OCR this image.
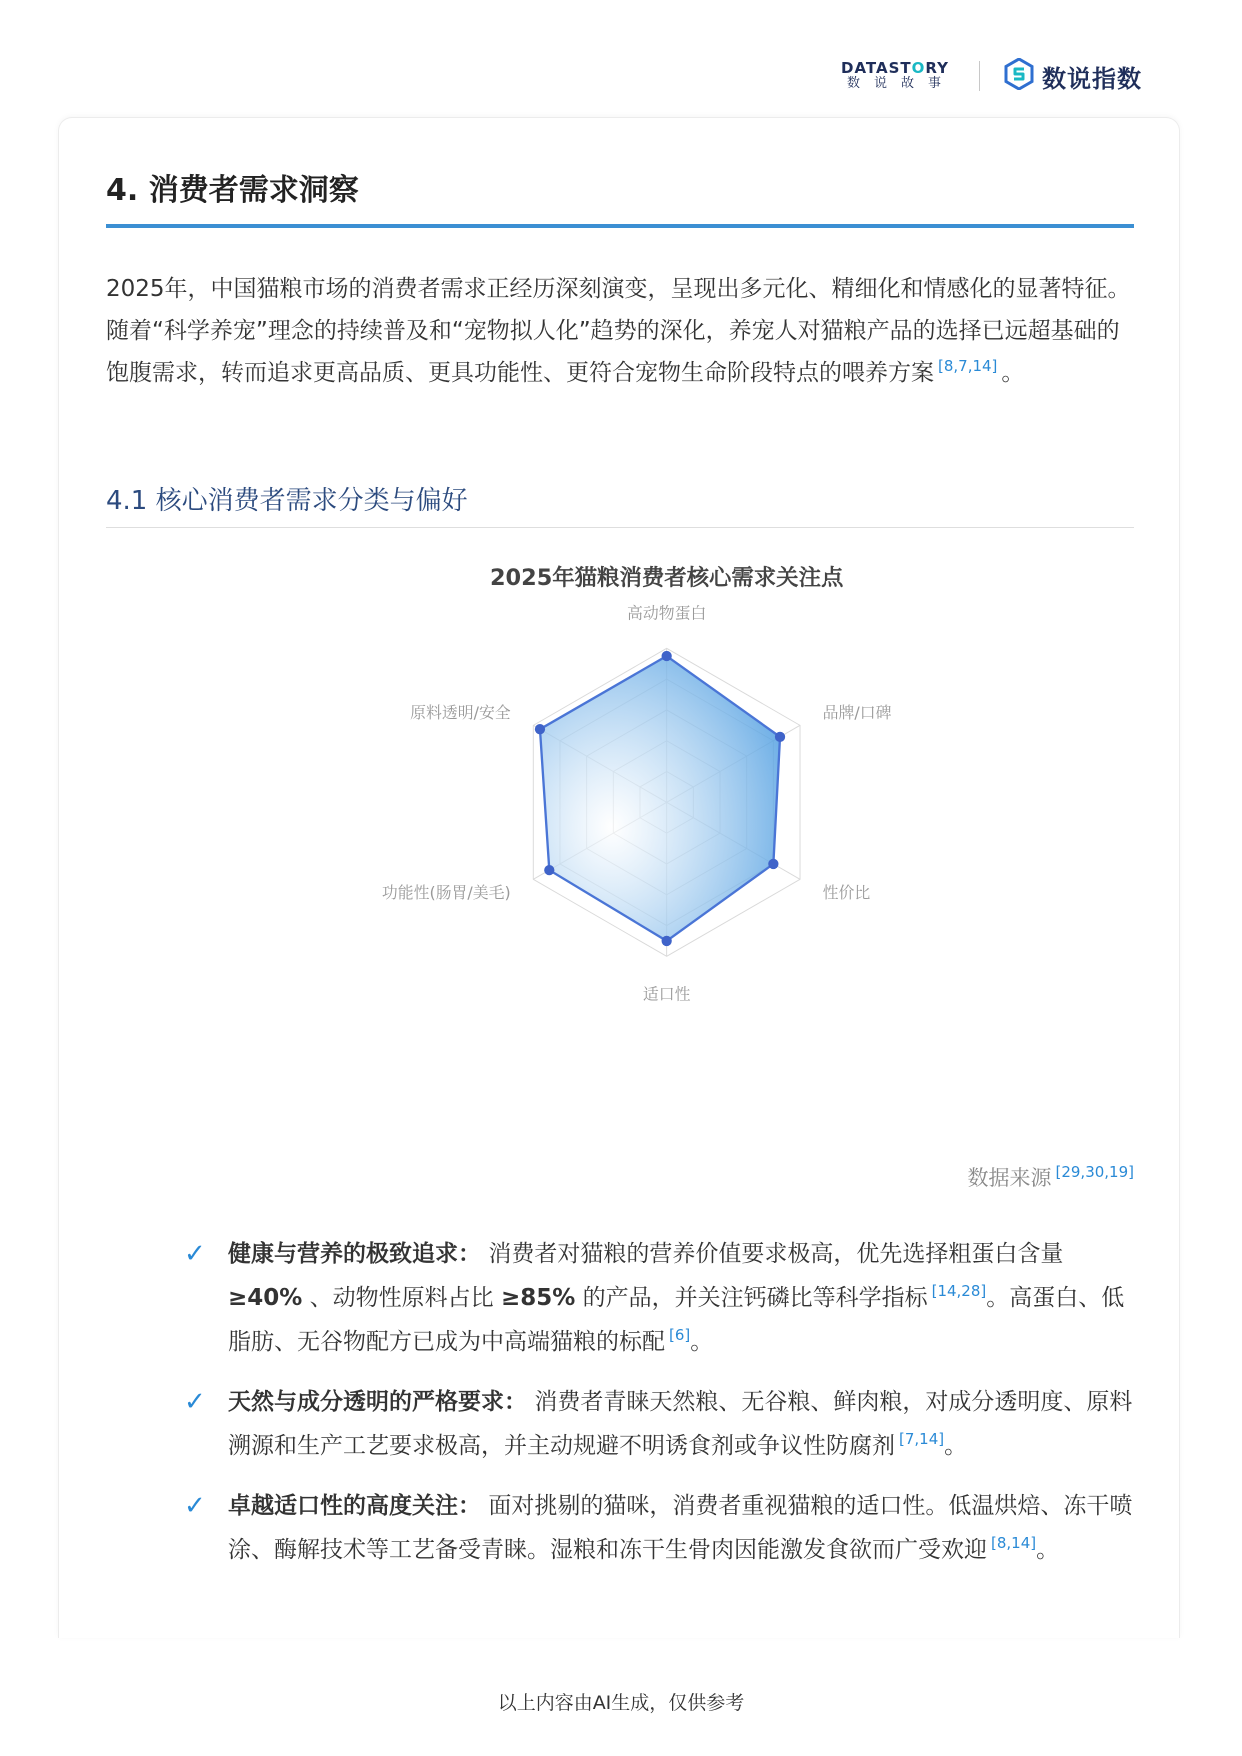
DATASTORY
数说故事	数说指数
4. 消费者需求洞察

2025年，中国猫粮市场的消费者需求正经历深刻演变，呈现出多元化、精细化和情感化的显著特征。随着“科学养宠”理念的持续普及和“宠物拟人化”趋势的深化，养宠人对猫粮产品的选择已远超基础的饱腹需求，转而追求更高品质、更具功能性、更符合宠物生命阶段特点的喂养方案 [8,7,14] 。

4.1 核心消费者需求分类与偏好
2025年猫粮消费者核心需求关注点
高动物蛋白
品牌/口碑
性价比
适口性
功能性(肠胃/美毛)
原料透明/安全
数据来源 [29,30,19]
✓ 健康与营养的极致追求： 消费者对猫粮的营养价值要求极高，优先选择粗蛋白含量 ≥40% 、动物性原料占比 ≥85% 的产品，并关注钙磷比等科学指标 [14,28]。高蛋白、低脂肪、无谷物配方已成为中高端猫粮的标配 [6]。
✓ 天然与成分透明的严格要求： 消费者青睐天然粮、无谷粮、鲜肉粮，对成分透明度、原料溯源和生产工艺要求极高，并主动规避不明诱食剂或争议性防腐剂 [7,14]。
✓ 卓越适口性的高度关注： 面对挑剔的猫咪，消费者重视猫粮的适口性。低温烘焙、冻干喷涂、酶解技术等工艺备受青睐。湿粮和冻干生骨肉因能激发食欲而广受欢迎 [8,14]。
以上内容由AI生成，仅供参考
